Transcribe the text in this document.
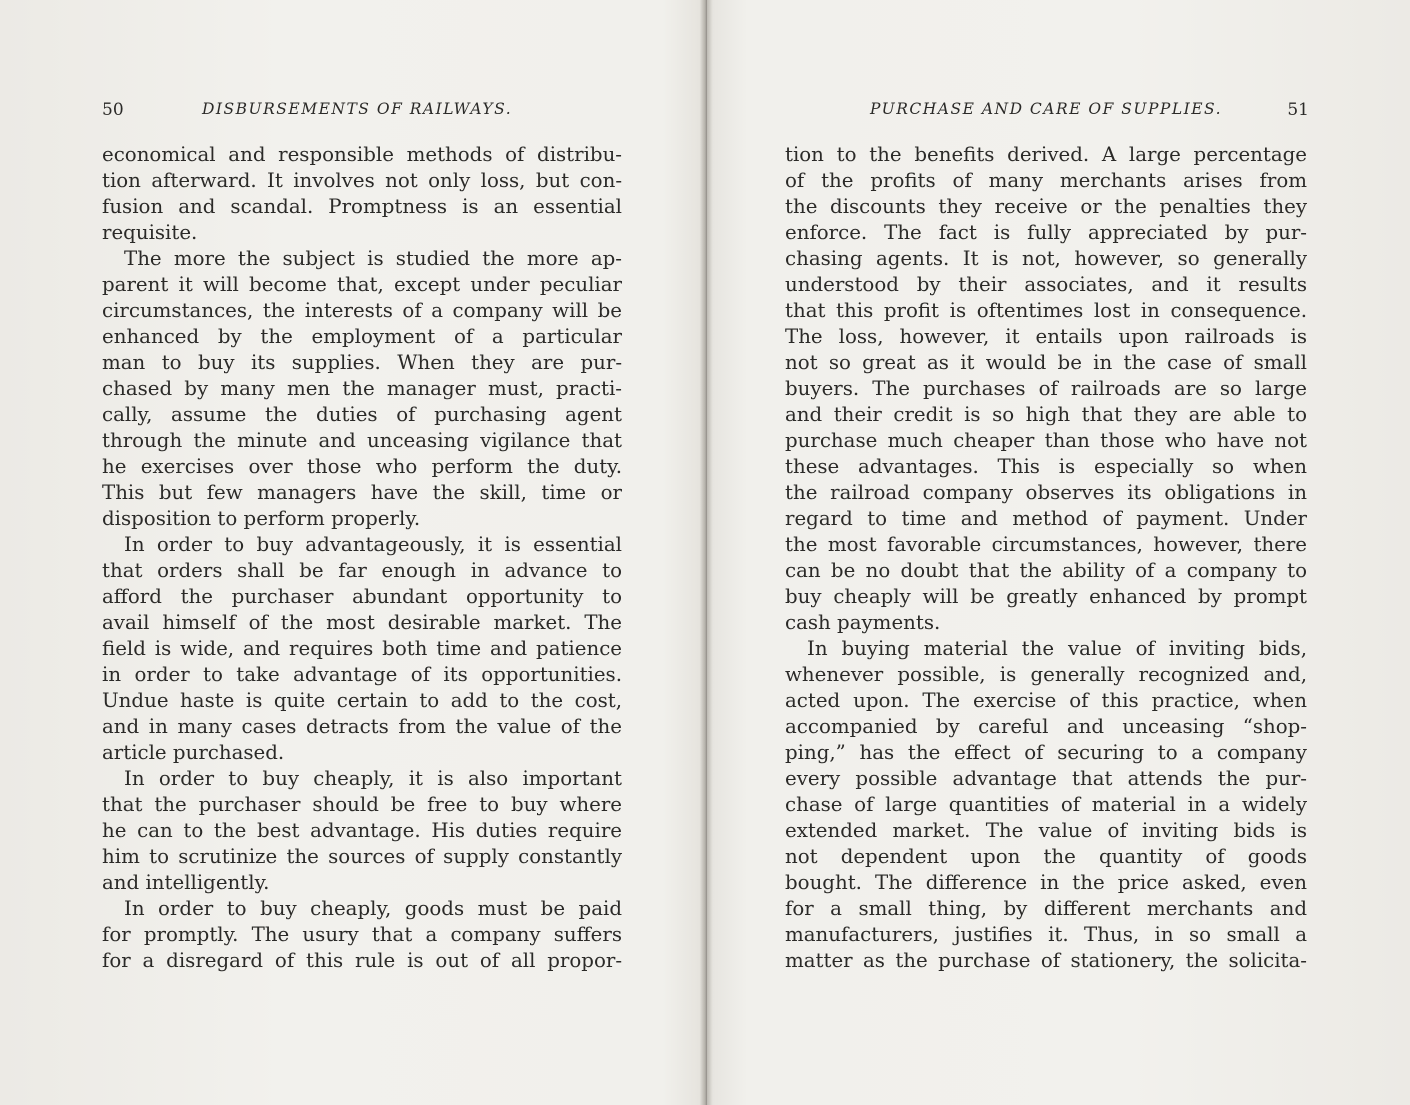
50	DISBURSEMENTS OF RAILWAYS.
economical and responsible methods of distribu-
tion afterward. It involves not only loss, but con-
fusion and scandal. Promptness is an essential
requisite.
The more the subject is studied the more ap-
parent it will become that, except under peculiar
circumstances, the interests of a company will be
enhanced by the employment of a particular
man to buy its supplies. When they are pur-
chased by many men the manager must, practi-
cally, assume the duties of purchasing agent
through the minute and unceasing vigilance that
he exercises over those who perform the duty.
This but few managers have the skill, time or
disposition to perform properly.
In order to buy advantageously, it is essential
that orders shall be far enough in advance to
afford the purchaser abundant opportunity to
avail himself of the most desirable market. The
field is wide, and requires both time and patience
in order to take advantage of its opportunities.
Undue haste is quite certain to add to the cost,
and in many cases detracts from the value of the
article purchased.
In order to buy cheaply, it is also important
that the purchaser should be free to buy where
he can to the best advantage. His duties require
him to scrutinize the sources of supply constantly
and intelligently.
In order to buy cheaply, goods must be paid
for promptly. The usury that a company suffers
for a disregard of this rule is out of all propor-
PURCHASE AND CARE OF SUPPLIES.	51
tion to the benefits derived. A large percentage
of the profits of many merchants arises from
the discounts they receive or the penalties they
enforce. The fact is fully appreciated by pur-
chasing agents. It is not, however, so generally
understood by their associates, and it results
that this profit is oftentimes lost in consequence.
The loss, however, it entails upon railroads is
not so great as it would be in the case of small
buyers. The purchases of railroads are so large
and their credit is so high that they are able to
purchase much cheaper than those who have not
these advantages. This is especially so when
the railroad company observes its obligations in
regard to time and method of payment. Under
the most favorable circumstances, however, there
can be no doubt that the ability of a company to
buy cheaply will be greatly enhanced by prompt
cash payments.
In buying material the value of inviting bids,
whenever possible, is generally recognized and,
acted upon. The exercise of this practice, when
accompanied by careful and unceasing “shop-
ping,” has the effect of securing to a company
every possible advantage that attends the pur-
chase of large quantities of material in a widely
extended market. The value of inviting bids is
not dependent upon the quantity of goods
bought. The difference in the price asked, even
for a small thing, by different merchants and
manufacturers, justifies it. Thus, in so small a
matter as the purchase of stationery, the solicita-
